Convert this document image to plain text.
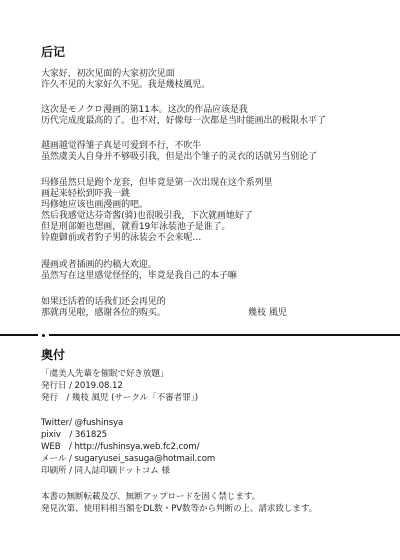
后记
大家好，初次见面的大家初次见面
许久不见的大家好久不见。我是幾枝風児。
这次是モノクロ漫画的第11本。这次的作品应该是我
历代完成度最高的了。也不对，好像每一次都是当时能画出的极限水平了
越画越觉得雏子真是可爱到不行，不吹牛
虽然虞美人自身并不够吸引我，但是出个雏子的灵衣的话就另当别论了
玛修虽然只是跑个龙套，但毕竟是第一次出现在这个系列里
画起来轻松到吓我一跳
玛修她应该也画漫画的吧。
然后我感觉达芬奇酱(骑)也很吸引我，下次就画她好了
但是刑部姬也想画，就看19年泳装池子是谁了。
铃鹿御前或者豹子男的泳装会不会来呢…
漫画或者插画的约稿大欢迎。
虽然写在这里感觉怪怪的，毕竟是我自己的本子嘛
如果还活着的话我们还会再见的
那就再见啦，感谢各位的购买。	幾枝 風児
奥付
「虞美人先輩を催眠で好き放題」
発行日 / 2019.08.12
発行　/ 幾枝 風児 (サークル「不審者罪」)
Twitter/ @fushinsya
pixiv　/ 361825
WEB　/ http://fushinsya.web.fc2.com/
メール / sugaryusei_sasuga@hotmail.com
印刷所 / 同人誌印刷ドットコム 様
本書の無断転載及び、無断アップロードを固く禁じます。
発見次第、使用料相当額をDL数・PV数等から判断の上、請求致します。
